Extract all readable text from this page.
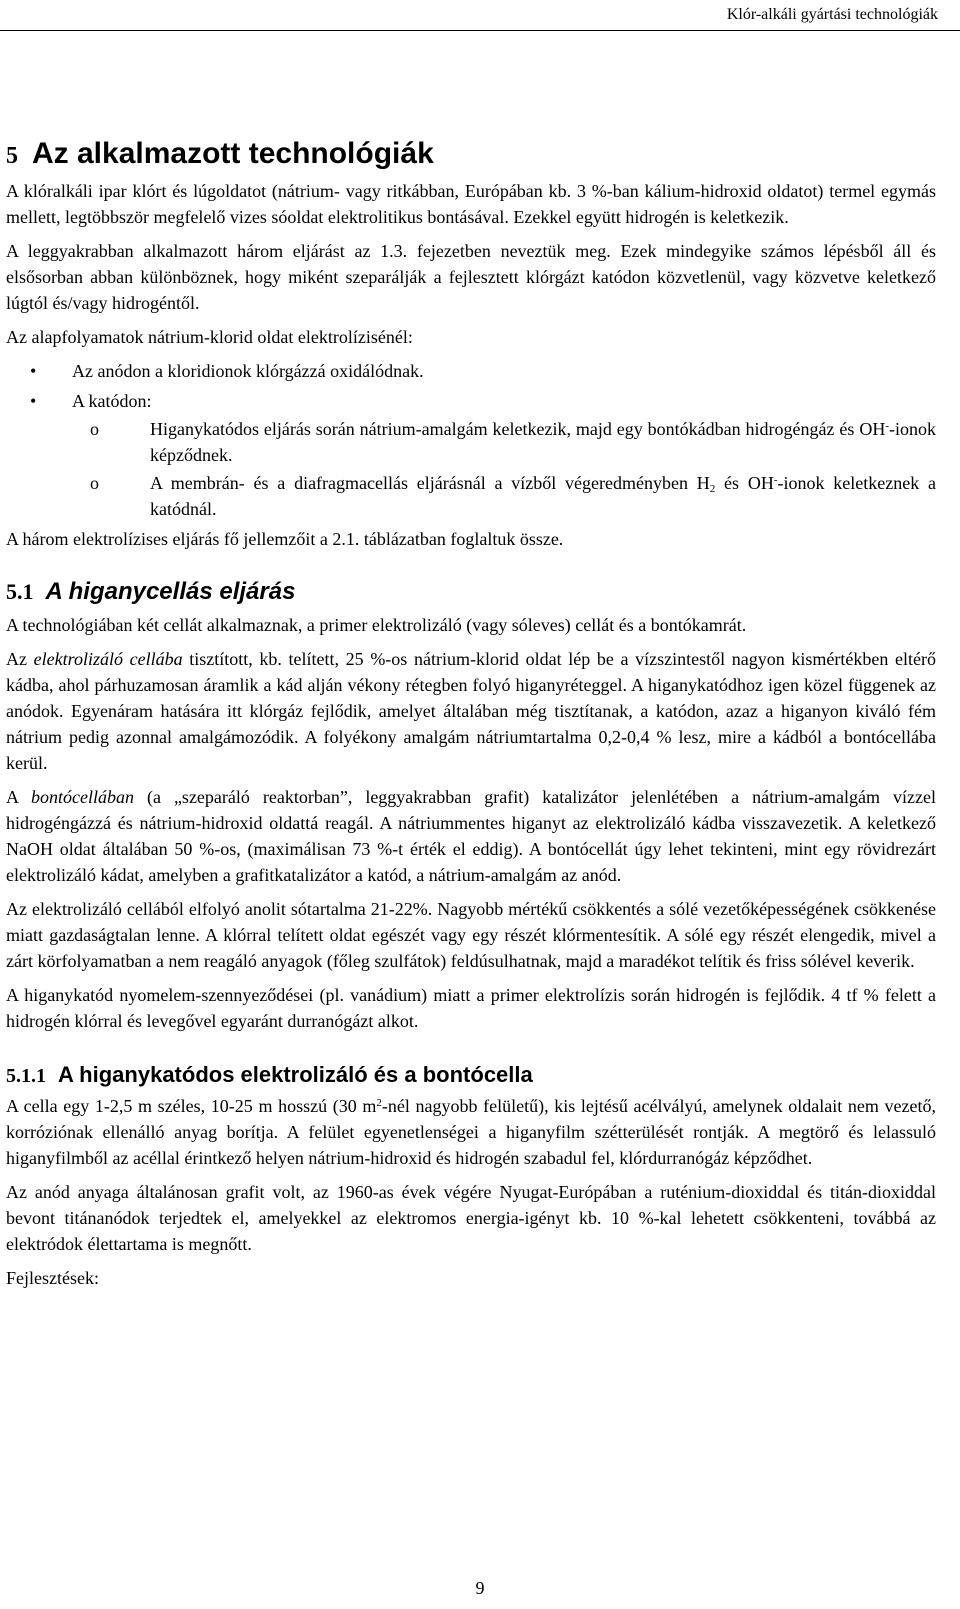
Klór-alkáli gyártási technológiák
5 Az alkalmazott technológiák

A klóralkáli ipar klórt és lúgoldatot (nátrium- vagy ritkábban, Európában kb. 3 %-ban kálium-hidroxid oldatot) termel egymás mellett, legtöbbször megfelelő vizes sóoldat elektrolitikus bontásával. Ezekkel együtt hidrogén is keletkezik.

A leggyakrabban alkalmazott három eljárást az 1.3. fejezetben neveztük meg. Ezek mindegyike számos lépésből áll és elsősorban abban különböznek, hogy miként szeparálják a fejlesztett klórgázt katódon közvetlenül, vagy közvetve keletkező lúgtól és/vagy hidrogéntől.

Az alapfolyamatok nátrium-klorid oldat elektrolízisénél:

• Az anódon a kloridionok klórgázzá oxidálódnak.
• A katódon:
o	Higanykatódos eljárás során nátrium-amalgám keletkezik, majd egy bontókádban hidrogéngáz és OH--ionok képződnek.
o	A membrán- és a diafragmacellás eljárásnál a vízből végeredményben $H_2$ és OH--ionok keletkeznek a katódnál.

A három elektrolízises eljárás fő jellemzőit a 2.1. táblázatban foglaltuk össze.

5.1 A higanycellás eljárás

A technológiában két cellát alkalmaznak, a primer elektrolizáló (vagy sóleves) cellát és a bontókamrát.

Az elektrolizáló cellába tisztított, kb. telített, 25 %-os nátrium-klorid oldat lép be a vízszintestől nagyon kismértékben eltérő kádba, ahol párhuzamosan áramlik a kád alján vékony rétegben folyó higanyréteggel. A higanykatódhoz igen közel függenek az anódok. Egyenáram hatására itt klórgáz fejlődik, amelyet általában még tisztítanak, a katódon, azaz a higanyon kiváló fém nátrium pedig azonnal amalgámozódik. A folyékony amalgám nátriumtartalma 0,2-0,4 % lesz, mire a kádból a bontócellába kerül.

A bontócellában (a „szeparáló reaktorban”, leggyakrabban grafit) katalizátor jelenlétében a nátrium-amalgám vízzel hidrogéngázzá és nátrium-hidroxid oldattá reagál. A nátriummentes higanyt az elektrolizáló kádba visszavezetik. A keletkező NaOH oldat általában 50 %-os, (maximálisan 73 %-t érték el eddig). A bontócellát úgy lehet tekinteni, mint egy rövidrezárt elektrolizáló kádat, amelyben a grafitkatalizátor a katód, a nátrium-amalgám az anód.

Az elektrolizáló cellából elfolyó anolit sótartalma 21-22%. Nagyobb mértékű csökkentés a sólé vezetőképességének csökkenése miatt gazdaságtalan lenne. A klórral telített oldat egészét vagy egy részét klórmentesítik. A sólé egy részét elengedik, mivel a zárt körfolyamatban a nem reagáló anyagok (főleg szulfátok) feldúsulhatnak, majd a maradékot telítik és friss sólével keverik.

A higanykatód nyomelem-szennyeződései (pl. vanádium) miatt a primer elektrolízis során hidrogén is fejlődik. 4 tf % felett a hidrogén klórral és levegővel egyaránt durranógázt alkot.

5.1.1 A higanykatódos elektrolizáló és a bontócella

A cella egy 1-2,5 m széles, 10-25 m hosszú (30 $m^2$-nél nagyobb felületű), kis lejtésű acélvályú, amelynek oldalait nem vezető, korróziónak ellenálló anyag borítja. A felület egyenetlenségei a higanyfilm szétterülését rontják. A megtörő és lelassuló higanyfilmből az acéllal érintkező helyen nátrium-hidroxid és hidrogén szabadul fel, klórdurranógáz képződhet.

Az anód anyaga általánosan grafit volt, az 1960-as évek végére Nyugat-Európában a ruténium-dioxiddal és titán-dioxiddal bevont titánanódok terjedtek el, amelyekkel az elektromos energia-igényt kb. 10 %-kal lehetett csökkenteni, továbbá az elektródok élettartama is megnőtt.

Fejlesztések:

9
